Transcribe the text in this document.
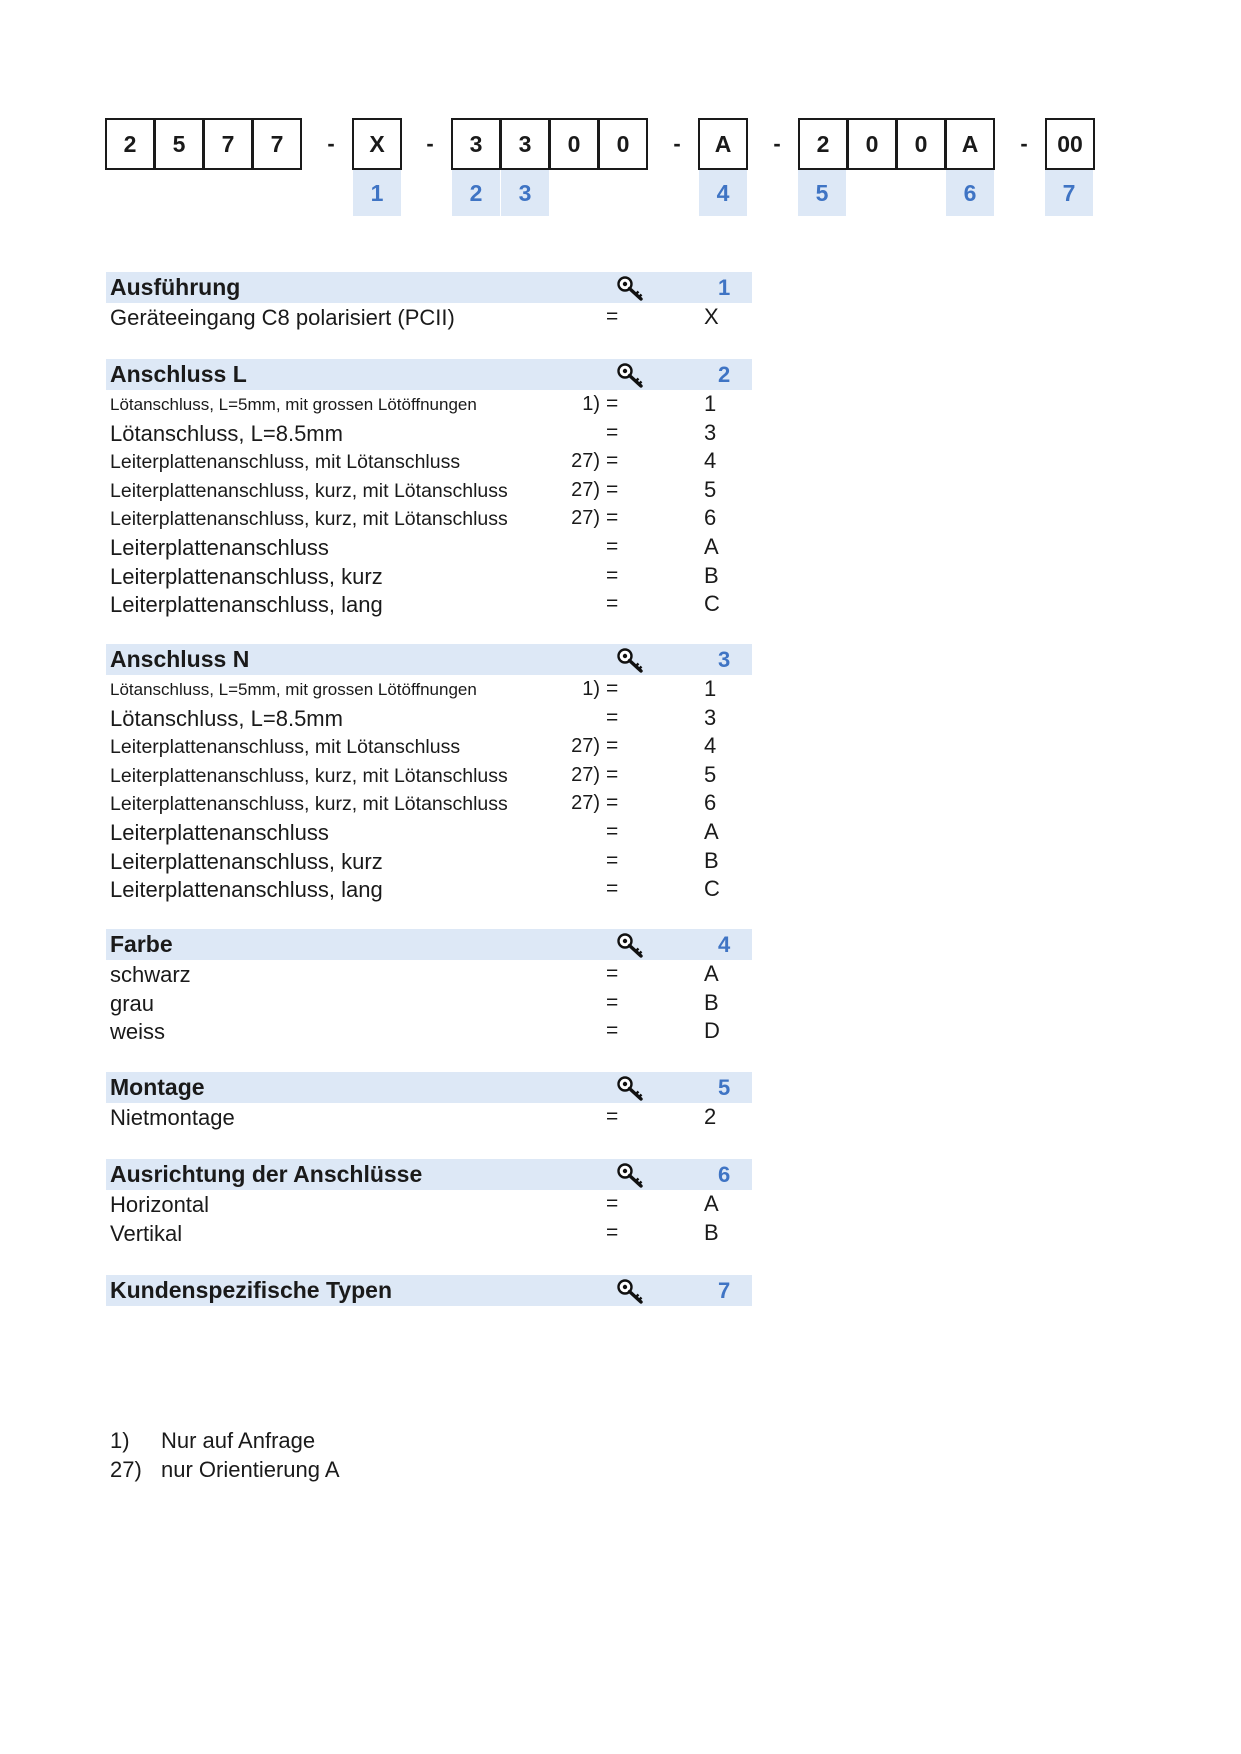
2	5	7	7	-	X	-	3	3	0	0	-	A	-	2	0	0	A	-	00
1	2	3	4	5	6	7
Ausführung	1
Geräteeingang C8 polarisiert (PCII)	=	X
Anschluss L	2
Lötanschluss, L=5mm, mit grossen Lötöffnungen	1) =	1
Lötanschluss, L=8.5mm	=	3
Leiterplattenanschluss, mit Lötanschluss	27) =	4
Leiterplattenanschluss, kurz, mit Lötanschluss	27) =	5
Leiterplattenanschluss, kurz, mit Lötanschluss	27) =	6
Leiterplattenanschluss	=	A
Leiterplattenanschluss, kurz	=	B
Leiterplattenanschluss, lang	=	C
Anschluss N	3
Lötanschluss, L=5mm, mit grossen Lötöffnungen	1) =	1
Lötanschluss, L=8.5mm	=	3
Leiterplattenanschluss, mit Lötanschluss	27) =	4
Leiterplattenanschluss, kurz, mit Lötanschluss	27) =	5
Leiterplattenanschluss, kurz, mit Lötanschluss	27) =	6
Leiterplattenanschluss	=	A
Leiterplattenanschluss, kurz	=	B
Leiterplattenanschluss, lang	=	C
Farbe	4
schwarz	=	A
grau	=	B
weiss	=	D
Montage	5
Nietmontage	=	2
Ausrichtung der Anschlüsse	6
Horizontal	=	A
Vertikal	=	B
Kundenspezifische Typen	7
1) Nur auf Anfrage
27) nur Orientierung A
